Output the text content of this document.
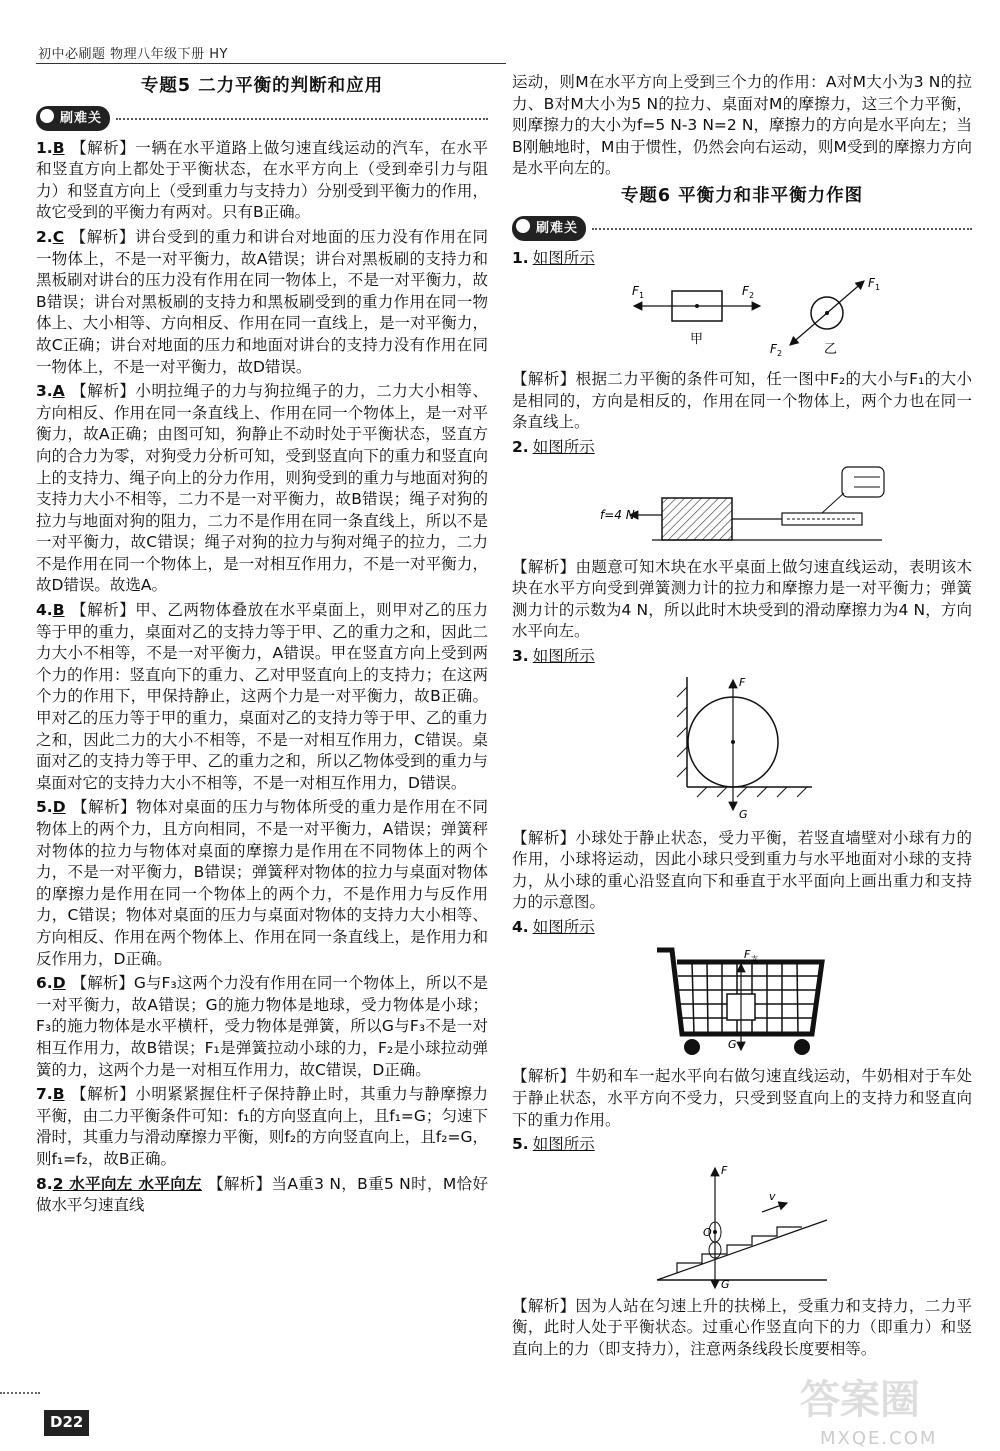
初中必刷题 物理八年级下册 HY
专题5 二力平衡的判断和应用
刷难关
1.B 【解析】一辆在水平道路上做匀速直线运动的汽车，在水平和竖直方向上都处于平衡状态，在水平方向上（受到牵引力与阻力）和竖直方向上（受到重力与支持力）分别受到平衡力的作用，故它受到的平衡力有两对。只有B正确。
2.C 【解析】讲台受到的重力和讲台对地面的压力没有作用在同一物体上，不是一对平衡力，故A错误；讲台对黑板刷的支持力和黑板刷对讲台的压力没有作用在同一物体上，不是一对平衡力，故B错误；讲台对黑板刷的支持力和黑板刷受到的重力作用在同一物体上、大小相等、方向相反、作用在同一直线上，是一对平衡力，故C正确；讲台对地面的压力和地面对讲台的支持力没有作用在同一物体上，不是一对平衡力，故D错误。
3.A 【解析】小明拉绳子的力与狗拉绳子的力，二力大小相等、方向相反、作用在同一条直线上、作用在同一个物体上，是一对平衡力，故A正确；由图可知，狗静止不动时处于平衡状态，竖直方向的合力为零，对狗受力分析可知，受到竖直向下的重力和竖直向上的支持力、绳子向上的分力作用，则狗受到的重力与地面对狗的支持力大小不相等，二力不是一对平衡力，故B错误；绳子对狗的拉力与地面对狗的阻力，二力不是作用在同一条直线上，所以不是一对平衡力，故C错误；绳子对狗的拉力与狗对绳子的拉力，二力不是作用在同一个物体上，是一对相互作用力，不是一对平衡力，故D错误。故选A。
4.B 【解析】甲、乙两物体叠放在水平桌面上，则甲对乙的压力等于甲的重力，桌面对乙的支持力等于甲、乙的重力之和，因此二力大小不相等，不是一对平衡力，A错误。甲在竖直方向上受到两个力的作用：竖直向下的重力、乙对甲竖直向上的支持力；在这两个力的作用下，甲保持静止，这两个力是一对平衡力，故B正确。甲对乙的压力等于甲的重力，桌面对乙的支持力等于甲、乙的重力之和，因此二力的大小不相等，不是一对相互作用力，C错误。桌面对乙的支持力等于甲、乙的重力之和，所以乙物体受到的重力与桌面对它的支持力大小不相等，不是一对相互作用力，D错误。
5.D 【解析】物体对桌面的压力与物体所受的重力是作用在不同物体上的两个力，且方向相同，不是一对平衡力，A错误；弹簧秤对物体的拉力与物体对桌面的摩擦力是作用在不同物体上的两个力，不是一对平衡力，B错误；弹簧秤对物体的拉力与桌面对物体的摩擦力是作用在同一个物体上的两个力，不是作用力与反作用力，C错误；物体对桌面的压力与桌面对物体的支持力大小相等、方向相反、作用在两个物体上、作用在同一条直线上，是作用力和反作用力，D正确。
6.D 【解析】G与F₃这两个力没有作用在同一个物体上，所以不是一对平衡力，故A错误；G的施力物体是地球，受力物体是小球；F₃的施力物体是水平横杆，受力物体是弹簧，所以G与F₃不是一对相互作用力，故B错误；F₁是弹簧拉动小球的力，F₂是小球拉动弹簧的力，这两个力是一对相互作用力，故C错误，D正确。
7.B 【解析】小明紧紧握住杆子保持静止时，其重力与静摩擦力平衡，由二力平衡条件可知：f₁的方向竖直向上，且f₁=G；匀速下滑时，其重力与滑动摩擦力平衡，则f₂的方向竖直向上，且f₂=G，则f₁=f₂，故B正确。
8.2 水平向左 水平向左 【解析】当A重3 N，B重5 N时，M恰好做水平匀速直线
运动，则M在水平方向上受到三个力的作用：A对M大小为3 N的拉力、B对M大小为5 N的拉力、桌面对M的摩擦力，这三个力平衡，则摩擦力的大小为f=5 N-3 N=2 N，摩擦力的方向是水平向左；当B刚触地时，M由于惯性，仍然会向右运动，则M受到的摩擦力方向是水平向左的。
专题6 平衡力和非平衡力作图
刷难关
1. 如图所示
F 1	F 2
甲
F 1
F 2	乙
【解析】根据二力平衡的条件可知，任一图中F₂的大小与F₁的大小是相同的，方向是相反的，作用在同一个物体上，两个力也在同一条直线上。
2. 如图所示
f=4 N
【解析】由题意可知木块在水平桌面上做匀速直线运动，表明该木块在水平方向受到弹簧测力计的拉力和摩擦力是一对平衡力；弹簧测力计的示数为4 N，所以此时木块受到的滑动摩擦力为4 N，方向水平向左。
3. 如图所示
F
G
【解析】小球处于静止状态，受力平衡，若竖直墙壁对小球有力的作用，小球将运动，因此小球只受到重力与水平地面对小球的支持力，从小球的重心沿竖直向下和垂直于水平面向上画出重力和支持力的示意图。
4. 如图所示
F 支
G
【解析】牛奶和车一起水平向右做匀速直线运动，牛奶相对于车处于静止状态，水平方向不受力，只受到竖直向上的支持力和竖直向下的重力作用。
5. 如图所示
F
O
G
v
【解析】因为人站在匀速上升的扶梯上，受重力和支持力，二力平衡，此时人处于平衡状态。过重心作竖直向下的力（即重力）和竖直向上的力（即支持力），注意两条线段长度要相等。
D22	答案圈
MXQE.COM
